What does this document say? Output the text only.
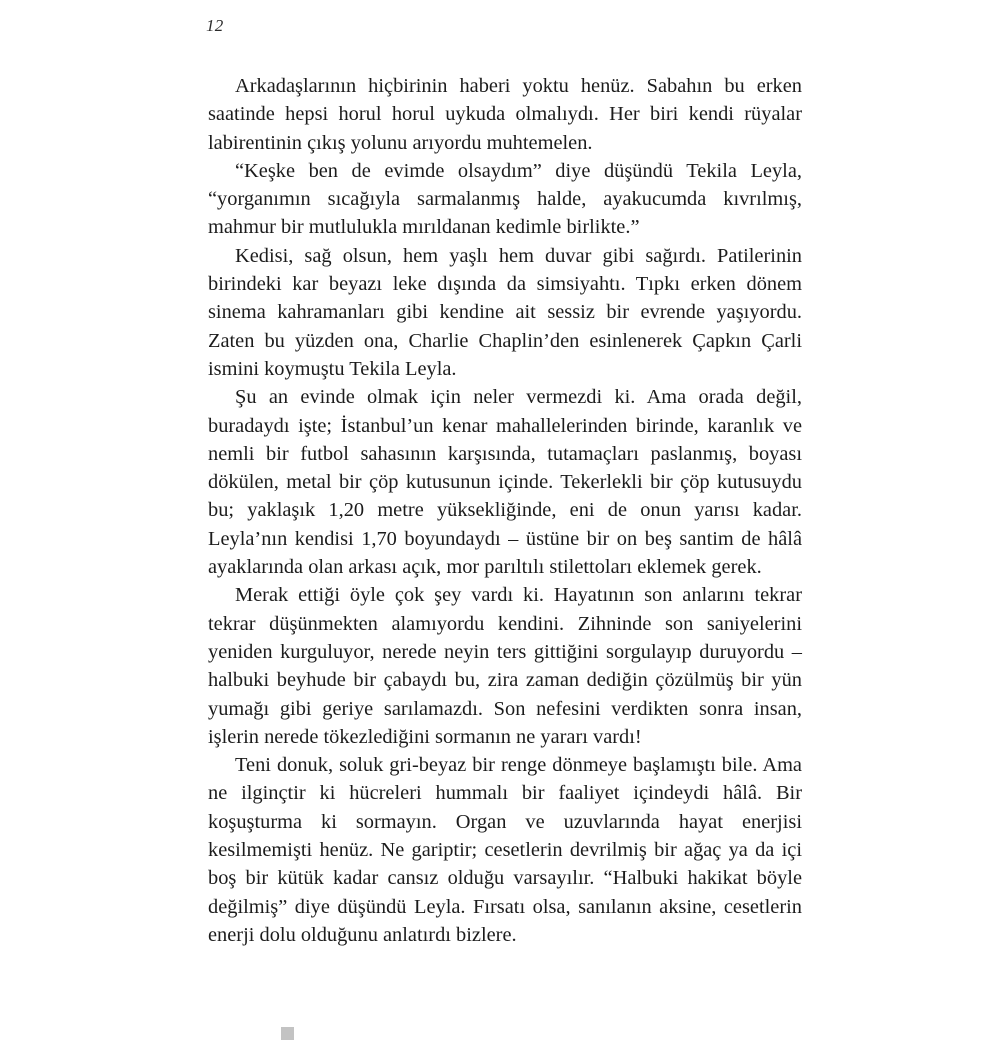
12

Arkadaşlarının hiçbirinin haberi yoktu henüz. Sabahın bu erken saatinde hepsi horul horul uykuda olmalıydı. Her biri kendi rüyalar labirentinin çıkış yolunu arıyordu muhtemelen.

“Keşke ben de evimde olsaydım” diye düşündü Tekila Leyla, “yorganımın sıcağıyla sarmalanmış halde, ayakucumda kıvrılmış, mahmur bir mutlulukla mırıldanan kedimle birlikte.”

Kedisi, sağ olsun, hem yaşlı hem duvar gibi sağırdı. Patilerinin birindeki kar beyazı leke dışında da simsiyahtı. Tıpkı erken dönem sinema kahramanları gibi kendine ait sessiz bir evrende yaşıyordu. Zaten bu yüzden ona, Charlie Chaplin’den esinlenerek Çapkın Çarli ismini koymuştu Tekila Leyla.

Şu an evinde olmak için neler vermezdi ki. Ama orada değil, buradaydı işte; İstanbul’un kenar mahallelerinden birinde, karanlık ve nemli bir futbol sahasının karşısında, tutamaçları paslanmış, boyası dökülen, metal bir çöp kutusunun içinde. Tekerlekli bir çöp kutusuydu bu; yaklaşık 1,20 metre yüksekliğinde, eni de onun yarısı kadar. Leyla’nın kendisi 1,70 boyundaydı – üstüne bir on beş santim de hâlâ ayaklarında olan arkası açık, mor parıltılı stilettoları eklemek gerek.

Merak ettiği öyle çok şey vardı ki. Hayatının son anlarını tekrar tekrar düşünmekten alamıyordu kendini. Zihninde son saniyelerini yeniden kurguluyor, nerede neyin ters gittiğini sorgulayıp duruyordu – halbuki beyhude bir çabaydı bu, zira zaman dediğin çözülmüş bir yün yumağı gibi geriye sarılamazdı. Son nefesini verdikten sonra insan, işlerin nerede tökezlediğini sormanın ne yararı vardı!

Teni donuk, soluk gri-beyaz bir renge dönmeye başlamıştı bile. Ama ne ilginçtir ki hücreleri hummalı bir faaliyet içindeydi hâlâ. Bir koşuşturma ki sormayın. Organ ve uzuvlarında hayat enerjisi kesilmemişti henüz. Ne gariptir; cesetlerin devrilmiş bir ağaç ya da içi boş bir kütük kadar cansız olduğu varsayılır. “Halbuki hakikat böyle değilmiş” diye düşündü Leyla. Fırsatı olsa, sanılanın aksine, cesetlerin enerji dolu olduğunu anlatırdı bizlere.
